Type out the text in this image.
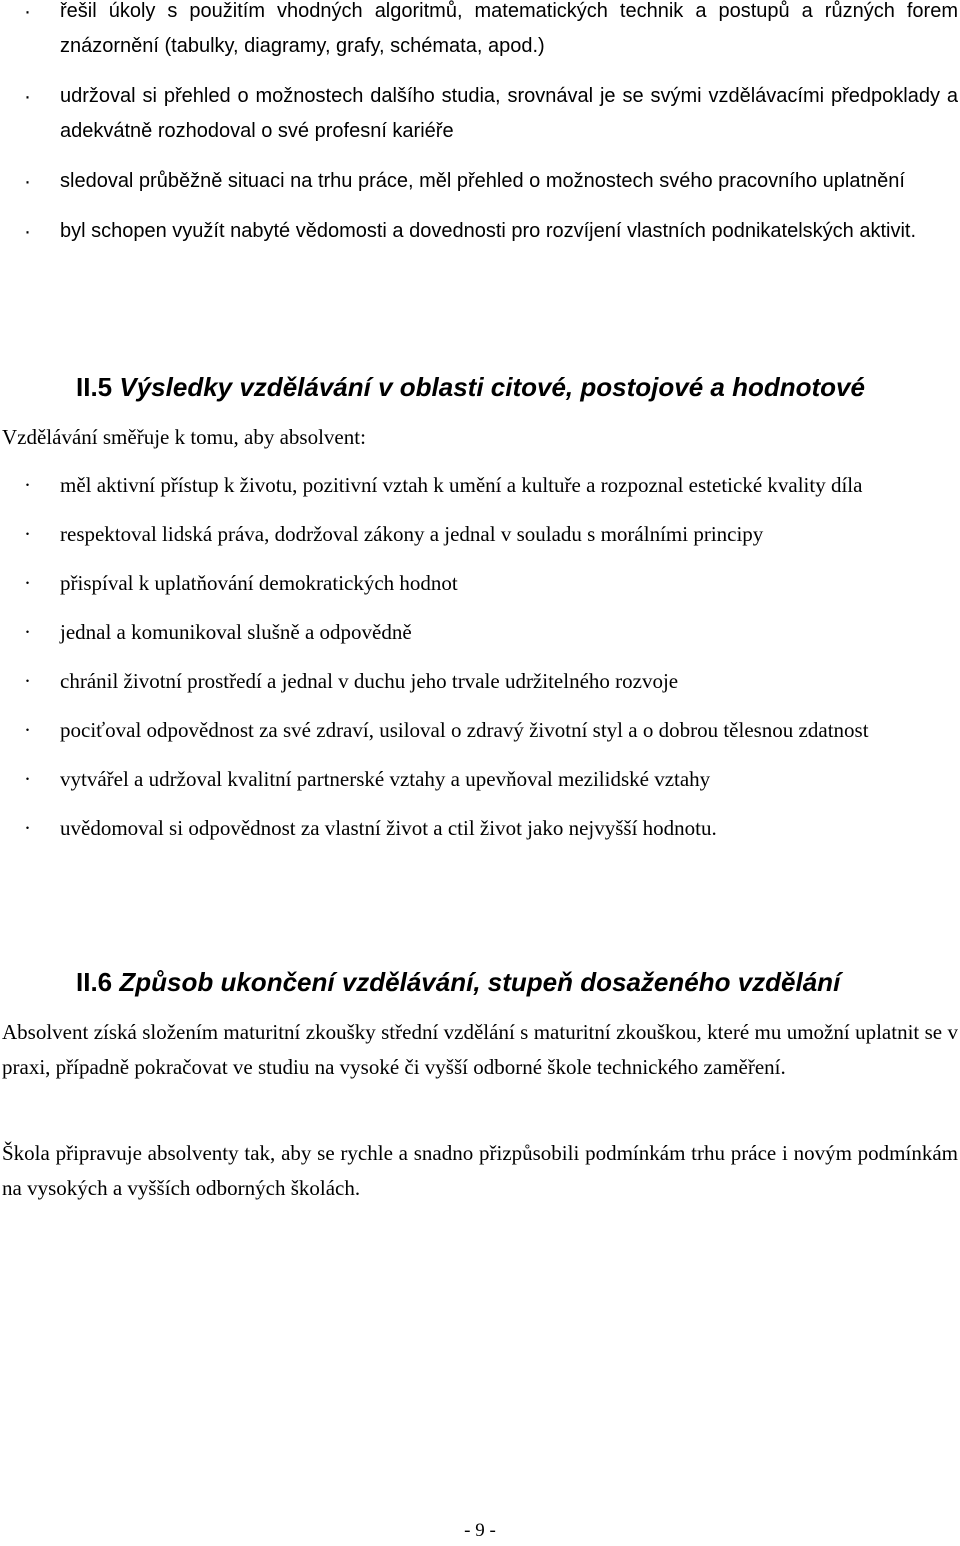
· řešil úkoly s použitím vhodných algoritmů, matematických technik a postupů a různých forem znázornění (tabulky, diagramy, grafy, schémata, apod.)
· udržoval si přehled o možnostech dalšího studia, srovnával je se svými vzdělávacími předpoklady a adekvátně rozhodoval o své profesní kariéře
· sledoval průběžně situaci na trhu práce, měl přehled o možnostech svého pracovního uplatnění
· byl schopen využít nabyté vědomosti a dovednosti pro rozvíjení vlastních podnikatelských aktivit.
II.5 Výsledky vzdělávání v oblasti citové, postojové a hodnotové

Vzdělávání směřuje k tomu, aby absolvent:

· měl aktivní přístup k životu, pozitivní vztah k umění a kultuře a rozpoznal estetické kvality díla
· respektoval lidská práva, dodržoval zákony a jednal v souladu s morálními principy
· přispíval k uplatňování demokratických hodnot
· jednal a komunikoval slušně a odpovědně
· chránil životní prostředí a jednal v duchu jeho trvale udržitelného rozvoje
· pociťoval odpovědnost za své zdraví, usiloval o zdravý životní styl a o dobrou tělesnou zdatnost
· vytvářel a udržoval kvalitní partnerské vztahy a upevňoval mezilidské vztahy
· uvědomoval si odpovědnost za vlastní život a ctil život jako nejvyšší hodnotu.
II.6 Způsob ukončení vzdělávání, stupeň dosaženého vzdělání

Absolvent získá složením maturitní zkoušky střední vzdělání s maturitní zkouškou, které mu umožní uplatnit se v praxi, případně pokračovat ve studiu na vysoké či vyšší odborné škole technického zaměření.

Škola připravuje absolventy tak, aby se rychle a snadno přizpůsobili podmínkám trhu práce i novým podmínkám na vysokých a vyšších odborných školách.

- 9 -
